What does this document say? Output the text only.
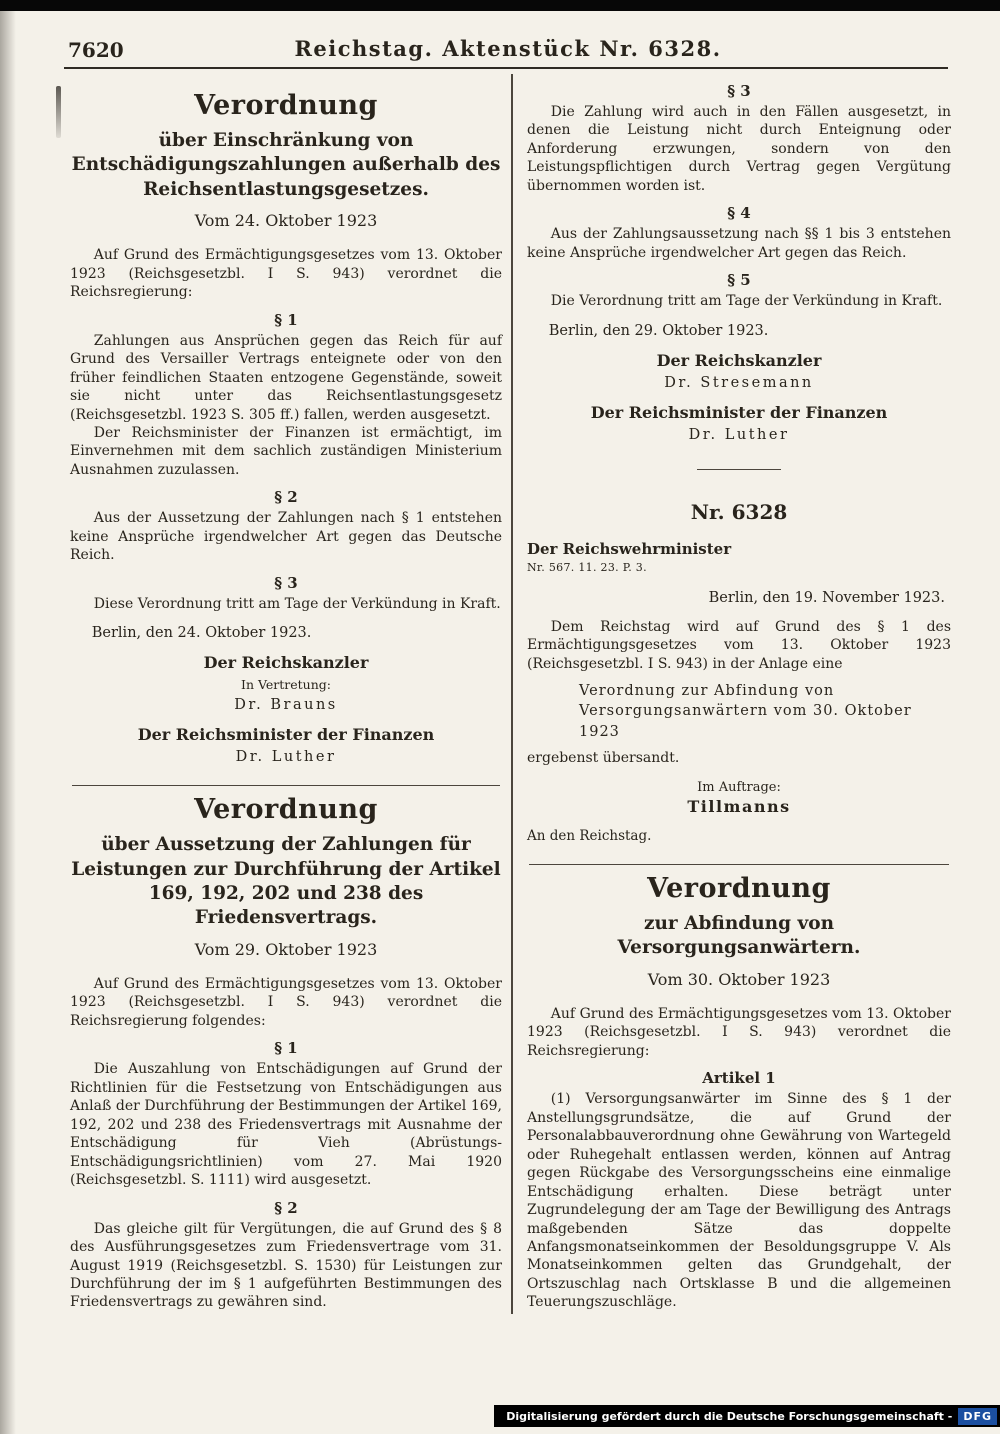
7620	Reichstag. Aktenstück Nr. 6328.
Verordnung
über Einschränkung von Entschädigungszahlungen außerhalb des Reichsentlastungsgesetzes.
Vom 24. Oktober 1923

Auf Grund des Ermächtigungsgesetzes vom 13. Oktober 1923 (Reichsgesetzbl. I S. 943) verordnet die Reichsregierung:

§ 1

Zahlungen aus Ansprüchen gegen das Reich für auf Grund des Versailler Vertrags enteignete oder von den früher feindlichen Staaten entzogene Gegenstände, soweit sie nicht unter das Reichsentlastungsgesetz (Reichsgesetzbl. 1923 S. 305 ff.) fallen, werden ausgesetzt.

Der Reichsminister der Finanzen ist ermächtigt, im Einvernehmen mit dem sachlich zuständigen Ministerium Ausnahmen zuzulassen.

§ 2

Aus der Aussetzung der Zahlungen nach § 1 entstehen keine Ansprüche irgendwelcher Art gegen das Deutsche Reich.

§ 3

Diese Verordnung tritt am Tage der Verkündung in Kraft.

Berlin, den 24. Oktober 1923.
Der Reichskanzler
In Vertretung:
Dr. Brauns
Der Reichsminister der Finanzen
Dr. Luther
Verordnung
über Aussetzung der Zahlungen für Leistungen zur Durchführung der Artikel 169, 192, 202 und 238 des Friedensvertrags.
Vom 29. Oktober 1923

Auf Grund des Ermächtigungsgesetzes vom 13. Oktober 1923 (Reichsgesetzbl. I S. 943) verordnet die Reichsregierung folgendes:

§ 1

Die Auszahlung von Entschädigungen auf Grund der Richtlinien für die Festsetzung von Entschädigungen aus Anlaß der Durchführung der Bestimmungen der Artikel 169, 192, 202 und 238 des Friedensvertrags mit Ausnahme der Entschädigung für Vieh (Abrüstungs-Entschädigungsrichtlinien) vom 27. Mai 1920 (Reichsgesetzbl. S. 1111) wird ausgesetzt.

§ 2

Das gleiche gilt für Vergütungen, die auf Grund des § 8 des Ausführungsgesetzes zum Friedensvertrage vom 31. August 1919 (Reichsgesetzbl. S. 1530) für Leistungen zur Durchführung der im § 1 aufgeführten Bestimmungen des Friedensvertrags zu gewähren sind.

§ 3

Die Zahlung wird auch in den Fällen ausgesetzt, in denen die Leistung nicht durch Enteignung oder Anforderung erzwungen, sondern von den Leistungspflichtigen durch Vertrag gegen Vergütung übernommen worden ist.

§ 4

Aus der Zahlungsaussetzung nach §§ 1 bis 3 entstehen keine Ansprüche irgendwelcher Art gegen das Reich.

§ 5

Die Verordnung tritt am Tage der Verkündung in Kraft.

Berlin, den 29. Oktober 1923.
Der Reichskanzler
Dr. Stresemann
Der Reichsminister der Finanzen
Dr. Luther
Nr. 6328
Der Reichswehrminister
Nr. 567. 11. 23. P. 3.
Berlin, den 19. November 1923.

Dem Reichstag wird auf Grund des § 1 des Ermächtigungsgesetzes vom 13. Oktober 1923 (Reichsgesetzbl. I S. 943) in der Anlage eine

Verordnung zur Abfindung von Versorgungsanwärtern vom 30. Oktober 1923
ergebenst übersandt.
Im Auftrage:
Tillmanns
An den Reichstag.
Verordnung
zur Abfindung von Versorgungsanwärtern.
Vom 30. Oktober 1923

Auf Grund des Ermächtigungsgesetzes vom 13. Oktober 1923 (Reichsgesetzbl. I S. 943) verordnet die Reichsregierung:

Artikel 1

(1) Versorgungsanwärter im Sinne des § 1 der Anstellungsgrundsätze, die auf Grund der Personalabbauverordnung ohne Gewährung von Wartegeld oder Ruhegehalt entlassen werden, können auf Antrag gegen Rückgabe des Versorgungsscheins eine einmalige Entschädigung erhalten. Diese beträgt unter Zugrundelegung der am Tage der Bewilligung des Antrags maßgebenden Sätze das doppelte Anfangsmonatseinkommen der Besoldungsgruppe V. Als Monatseinkommen gelten das Grundgehalt, der Ortszuschlag nach Ortsklasse B und die allgemeinen Teuerungszuschläge.

Digitalisierung gefördert durch die Deutsche Forschungsgemeinschaft -	DFG
